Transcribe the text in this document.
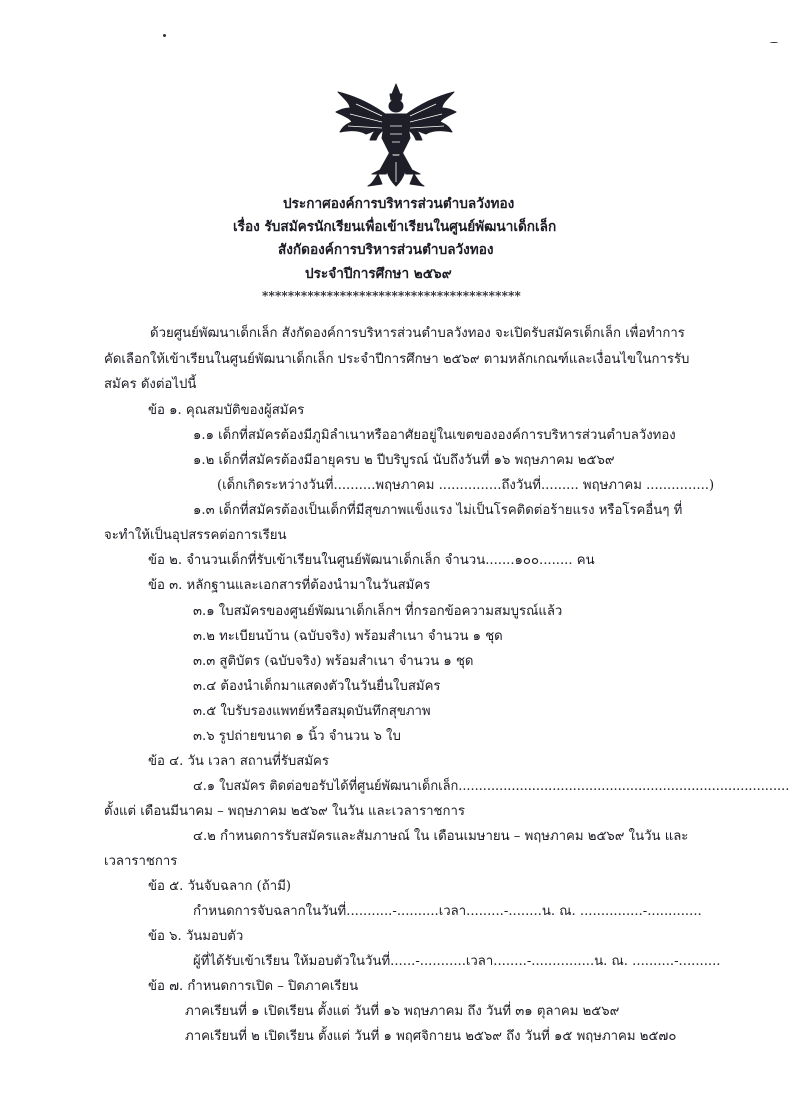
ประกาศองค์การบริหารส่วนตำบลวังทอง
เรื่อง รับสมัครนักเรียนเพื่อเข้าเรียนในศูนย์พัฒนาเด็กเล็ก
สังกัดองค์การบริหารส่วนตำบลวังทอง
ประจำปีการศึกษา ๒๕๖๙
****************************************
ด้วยศูนย์พัฒนาเด็กเล็ก สังกัดองค์การบริหารส่วนตำบลวังทอง จะเปิดรับสมัครเด็กเล็ก เพื่อทำการ
คัดเลือกให้เข้าเรียนในศูนย์พัฒนาเด็กเล็ก ประจำปีการศึกษา ๒๕๖๙ ตามหลักเกณฑ์และเงื่อนไขในการรับ
สมัคร ดังต่อไปนี้
ข้อ ๑. คุณสมบัติของผู้สมัคร
๑.๑ เด็กที่สมัครต้องมีภูมิลำเนาหรืออาศัยอยู่ในเขตขององค์การบริหารส่วนตำบลวังทอง
๑.๒ เด็กที่สมัครต้องมีอายุครบ ๒ ปีบริบูรณ์ นับถึงวันที่ ๑๖ พฤษภาคม ๒๕๖๙
(เด็กเกิดระหว่างวันที่..........พฤษภาคม ...............ถึงวันที่......... พฤษภาคม ...............)
๑.๓ เด็กที่สมัครต้องเป็นเด็กที่มีสุขภาพแข็งแรง ไม่เป็นโรคติดต่อร้ายแรง หรือโรคอื่นๆ ที่
จะทำให้เป็นอุปสรรคต่อการเรียน
ข้อ ๒. จำนวนเด็กที่รับเข้าเรียนในศูนย์พัฒนาเด็กเล็ก จำนวน.......๑๐๐........ คน
ข้อ ๓. หลักฐานและเอกสารที่ต้องนำมาในวันสมัคร
๓.๑ ใบสมัครของศูนย์พัฒนาเด็กเล็กฯ ที่กรอกข้อความสมบูรณ์แล้ว
๓.๒ ทะเบียนบ้าน (ฉบับจริง) พร้อมสำเนา จำนวน ๑ ชุด
๓.๓ สูติบัตร (ฉบับจริง) พร้อมสำเนา จำนวน ๑ ชุด
๓.๔ ต้องนำเด็กมาแสดงตัวในวันยื่นใบสมัคร
๓.๕ ใบรับรองแพทย์หรือสมุดบันทึกสุขภาพ
๓.๖ รูปถ่ายขนาด ๑ นิ้ว จำนวน ๖ ใบ
ข้อ ๔. วัน เวลา สถานที่รับสมัคร
๔.๑ ใบสมัคร ติดต่อขอรับได้ที่ศูนย์พัฒนาเด็กเล็ก.................................................................................
ตั้งแต่ เดือนมีนาคม – พฤษภาคม ๒๕๖๙ ในวัน และเวลาราชการ
๔.๒ กำหนดการรับสมัครและสัมภาษณ์ ใน เดือนเมษายน – พฤษภาคม ๒๕๖๙ ในวัน และ
เวลาราชการ
ข้อ ๕. วันจับฉลาก (ถ้ามี)
กำหนดการจับฉลากในวันที่...........-..........เวลา.........-........น. ณ. ...............-.............
ข้อ ๖. วันมอบตัว
ผู้ที่ได้รับเข้าเรียน ให้มอบตัวในวันที่......-...........เวลา........-...............น. ณ. ..........-..........
ข้อ ๗. กำหนดการเปิด – ปิดภาคเรียน
ภาคเรียนที่ ๑ เปิดเรียน ตั้งแต่ วันที่ ๑๖ พฤษภาคม ถึง วันที่ ๓๑ ตุลาคม ๒๕๖๙
ภาคเรียนที่ ๒ เปิดเรียน ตั้งแต่ วันที่ ๑ พฤศจิกายน ๒๕๖๙ ถึง วันที่ ๑๕ พฤษภาคม ๒๕๗๐
